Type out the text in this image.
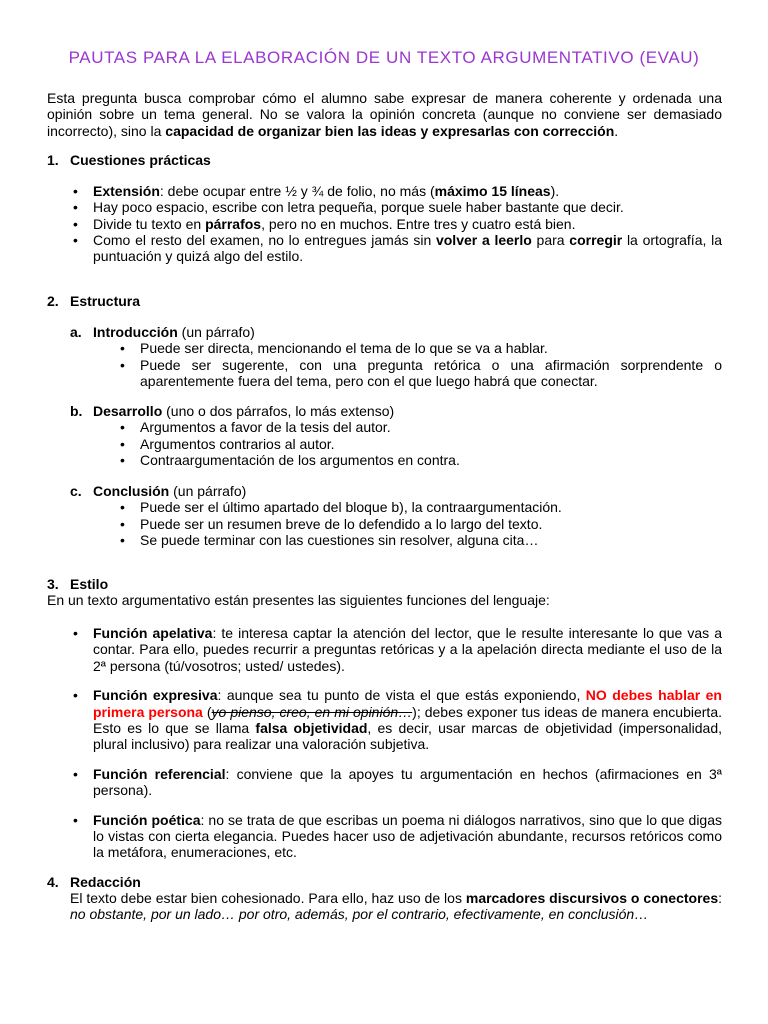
PAUTAS PARA LA ELABORACIÓN DE UN TEXTO ARGUMENTATIVO (EVAU)

Esta pregunta busca comprobar cómo el alumno sabe expresar de manera coherente y ordenada una opinión sobre un tema general. No se valora la opinión concreta (aunque no conviene ser demasiado incorrecto), sino la capacidad de organizar bien las ideas y expresarlas con corrección.

1. Cuestiones prácticas
• Extensión: debe ocupar entre ½ y ¾ de folio, no más (máximo 15 líneas).
• Hay poco espacio, escribe con letra pequeña, porque suele haber bastante que decir.
• Divide tu texto en párrafos, pero no en muchos. Entre tres y cuatro está bien.
• Como el resto del examen, no lo entregues jamás sin volver a leerlo para corregir la ortografía, la puntuación y quizá algo del estilo.
2. Estructura
a. Introducción (un párrafo)
• Puede ser directa, mencionando el tema de lo que se va a hablar.
• Puede ser sugerente, con una pregunta retórica o una afirmación sorprendente o aparentemente fuera del tema, pero con el que luego habrá que conectar.
b. Desarrollo (uno o dos párrafos, lo más extenso)
• Argumentos a favor de la tesis del autor.
• Argumentos contrarios al autor.
• Contraargumentación de los argumentos en contra.
c. Conclusión (un párrafo)
• Puede ser el último apartado del bloque b), la contraargumentación.
• Puede ser un resumen breve de lo defendido a lo largo del texto.
• Se puede terminar con las cuestiones sin resolver, alguna cita…
3. Estilo

En un texto argumentativo están presentes las siguientes funciones del lenguaje:

• Función apelativa: te interesa captar la atención del lector, que le resulte interesante lo que vas a contar. Para ello, puedes recurrir a preguntas retóricas y a la apelación directa mediante el uso de la 2ª persona (tú/vosotros; usted/ ustedes).
• Función expresiva: aunque sea tu punto de vista el que estás exponiendo, NO debes hablar en primera persona (yo pienso, creo, en mi opinión…); debes exponer tus ideas de manera encubierta. Esto es lo que se llama falsa objetividad, es decir, usar marcas de objetividad (impersonalidad, plural inclusivo) para realizar una valoración subjetiva.
• Función referencial: conviene que la apoyes tu argumentación en hechos (afirmaciones en 3ª persona).
• Función poética: no se trata de que escribas un poema ni diálogos narrativos, sino que lo que digas lo vistas con cierta elegancia. Puedes hacer uso de adjetivación abundante, recursos retóricos como la metáfora, enumeraciones, etc.
4. Redacción

El texto debe estar bien cohesionado. Para ello, haz uso de los marcadores discursivos o conectores: no obstante, por un lado… por otro, además, por el contrario, efectivamente, en conclusión…
